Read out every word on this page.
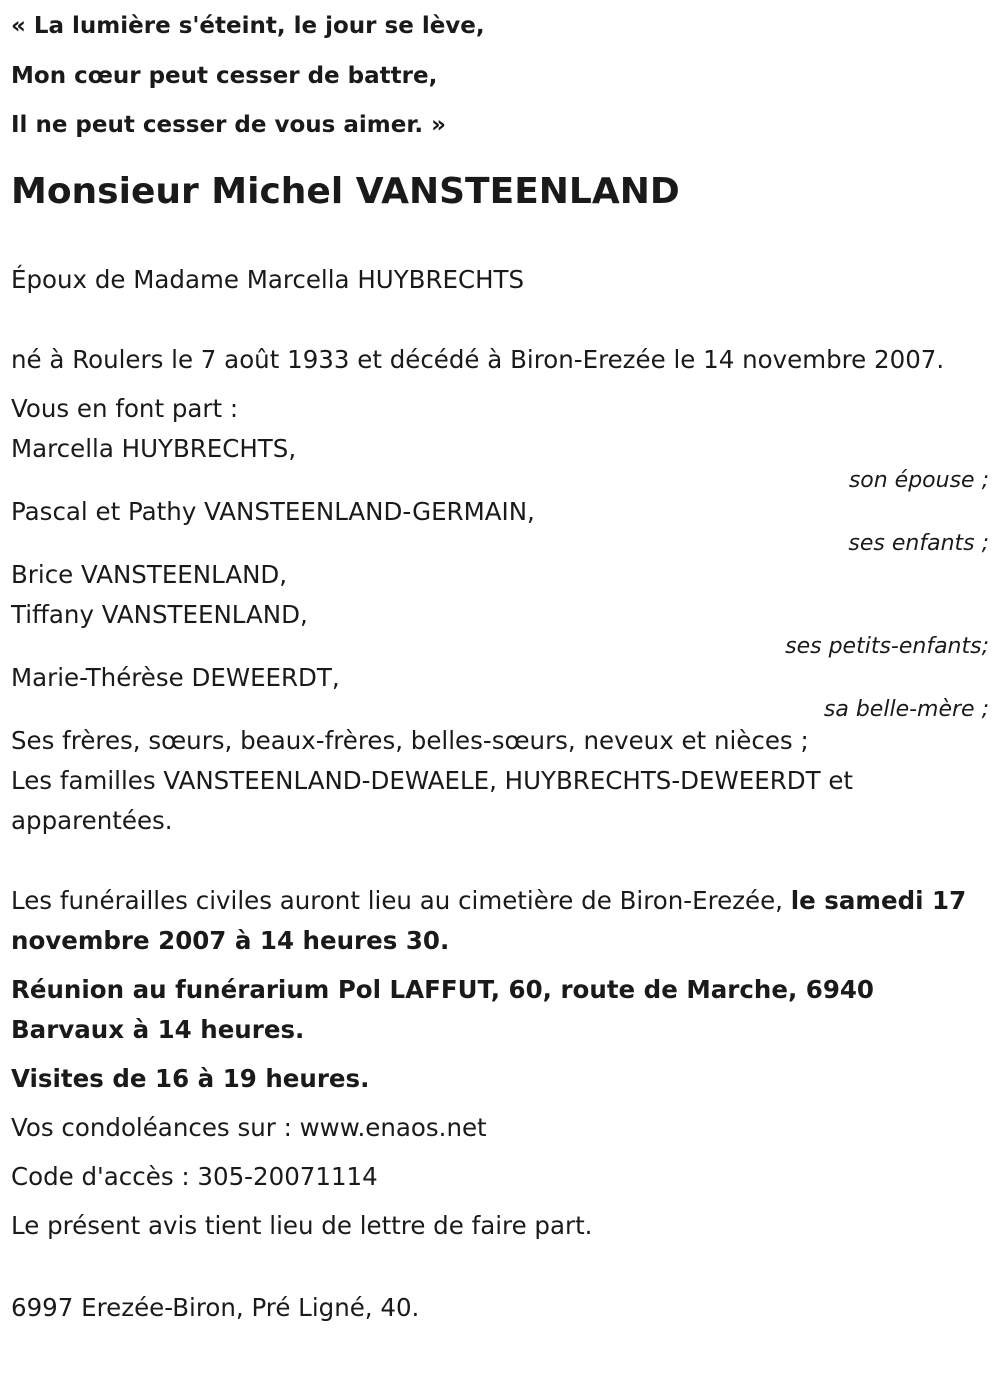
« La lumière s'éteint, le jour se lève,
Mon cœur peut cesser de battre,
Il ne peut cesser de vous aimer. »
Monsieur Michel VANSTEENLAND
Époux de Madame Marcella HUYBRECHTS
né à Roulers le 7 août 1933 et décédé à Biron-Erezée le 14 novembre 2007.
Vous en font part :
Marcella HUYBRECHTS,
son épouse ;
Pascal et Pathy VANSTEENLAND-GERMAIN,
ses enfants ;
Brice VANSTEENLAND,
Tiffany VANSTEENLAND,
ses petits-enfants;
Marie-Thérèse DEWEERDT,
sa belle-mère ;
Ses frères, sœurs, beaux-frères, belles-sœurs, neveux et nièces ;
Les familles VANSTEENLAND-DEWAELE, HUYBRECHTS-DEWEERDT et apparentées.
Les funérailles civiles auront lieu au cimetière de Biron-Erezée, le samedi 17 novembre 2007 à 14 heures 30.
Réunion au funérarium Pol LAFFUT, 60, route de Marche, 6940 Barvaux à 14 heures.
Visites de 16 à 19 heures.
Vos condoléances sur : www.enaos.net
Code d'accès : 305-20071114
Le présent avis tient lieu de lettre de faire part.
6997 Erezée-Biron, Pré Ligné, 40.
